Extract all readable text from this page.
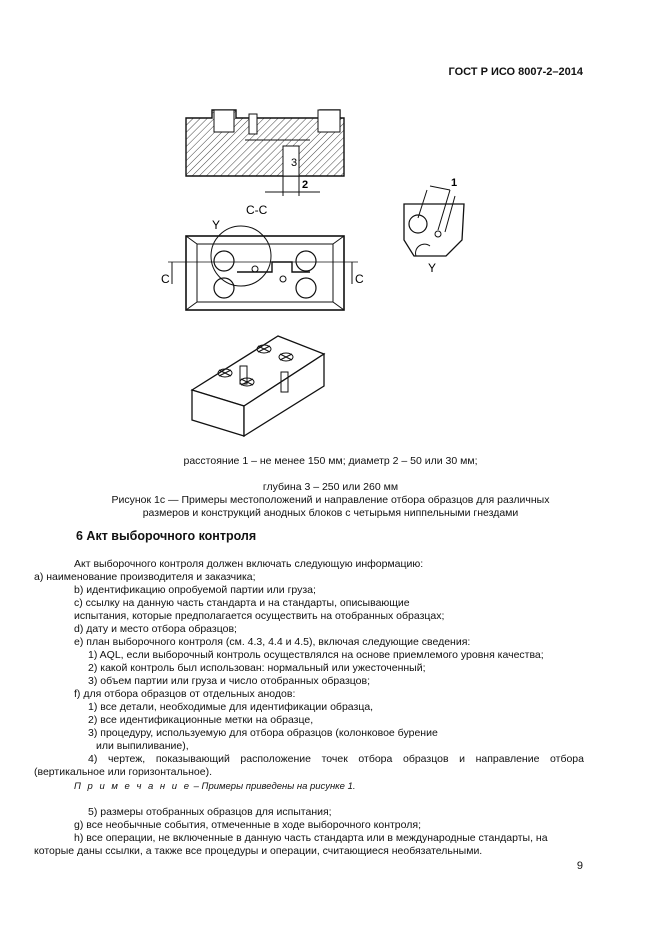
ГОСТ Р ИСО 8007-2–2014
3
2
C-C
C	C
Y
1
Y
расстояние 1 – не менее 150 мм; диаметр 2 – 50 или 30 мм;
глубина 3 – 250 или 260 мм
Рисунок 1с — Примеры местоположений и направление отбора образцов для различных
размеров и конструкций анодных блоков с четырьмя ниппельными гнездами
6 Акт выборочного контроля

Акт выборочного контроля должен включать следующую информацию:

a) наименование производителя и заказчика;

b) идентификацию опробуемой партии или груза;

c) ссылку на данную часть стандарта и на стандарты, описывающие

испытания, которые предполагается осуществить на отобранных образцах;

d) дату и место отбора образцов;

e) план выборочного контроля (см. 4.3, 4.4 и 4.5), включая следующие сведения:

1) AQL, если выборочный контроль осуществлялся на основе приемлемого уровня качества;

2) какой контроль был использован: нормальный или ужесточенный;

3) объем партии или груза и число отобранных образцов;

f) для отбора образцов от отдельных анодов:

1) все детали, необходимые для идентификации образца,

2) все идентификационные метки на образце,

3) процедуру, используемую для отбора образцов (колонковое бурение

или выпиливание),

4) чертеж, показывающий расположение точек отбора образцов и направление отбора

(вертикальное или горизонтальное).

П р и м е ч а н и е – Примеры приведены на рисунке 1.

5) размеры отобранных образцов для испытания;

g) все необычные события, отмеченные в ходе выборочного контроля;

h) все операции, не включенные в данную часть стандарта или в международные стандарты, на

которые даны ссылки, а также все процедуры и операции, считающиеся необязательными.

9
